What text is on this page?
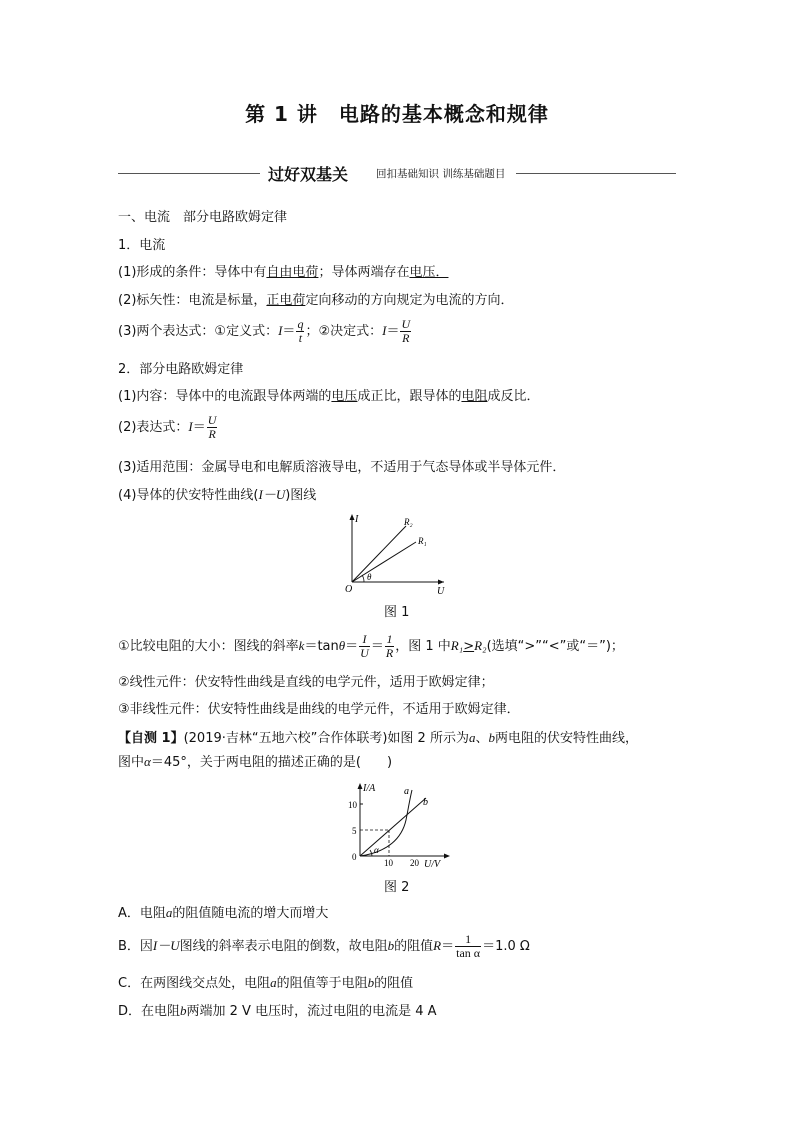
第 1 讲　电路的基本概念和规律
过好双基关	回扣基础知识 训练基础题目
一、电流　部分电路欧姆定律
1．电流
(1)形成的条件：导体中有自由电荷；导体两端存在电压．
(2)标矢性：电流是标量，正电荷定向移动的方向规定为电流的方向．
(3)两个表达式：①定义式：$I= \frac{q}{t}$ ；②决定式：$I= \frac{U}{R}$
2．部分电路欧姆定律
(1)内容：导体中的电流跟导体两端的电压成正比，跟导体的电阻成反比．
(2)表达式：$I= \frac{U}{R}$
(3)适用范围：金属导电和电解质溶液导电，不适用于气态导体或半导体元件．
(4)导体的伏安特性曲线(I－U)图线
I
U
O
θ
R₂
R₁
图 1
①比较电阻的大小：图线的斜率$k=\tan\theta= \frac{I}{U} = \frac{1}{R}$ ，图 1 中R₁>R₂(选填“>”“<”或“＝”)；
②线性元件：伏安特性曲线是直线的电学元件，适用于欧姆定律；
③非线性元件：伏安特性曲线是曲线的电学元件，不适用于欧姆定律．
【自测 1】(2019·吉林“五地六校”合作体联考)如图 2 所示为a、b两电阻的伏安特性曲线，
图中α＝45°，关于两电阻的描述正确的是(　　)
I/A
U/V
10
5
0
10 20
a
b
α
图 2
A．电阻a的阻值随电流的增大而增大
B．因I－U图线的斜率表示电阻的倒数，故电阻b的阻值$R= \frac{1}{\text{tan α}} =1.0$ Ω
C．在两图线交点处，电阻a的阻值等于电阻b的阻值
D．在电阻b两端加 2 V 电压时，流过电阻的电流是 4 A
